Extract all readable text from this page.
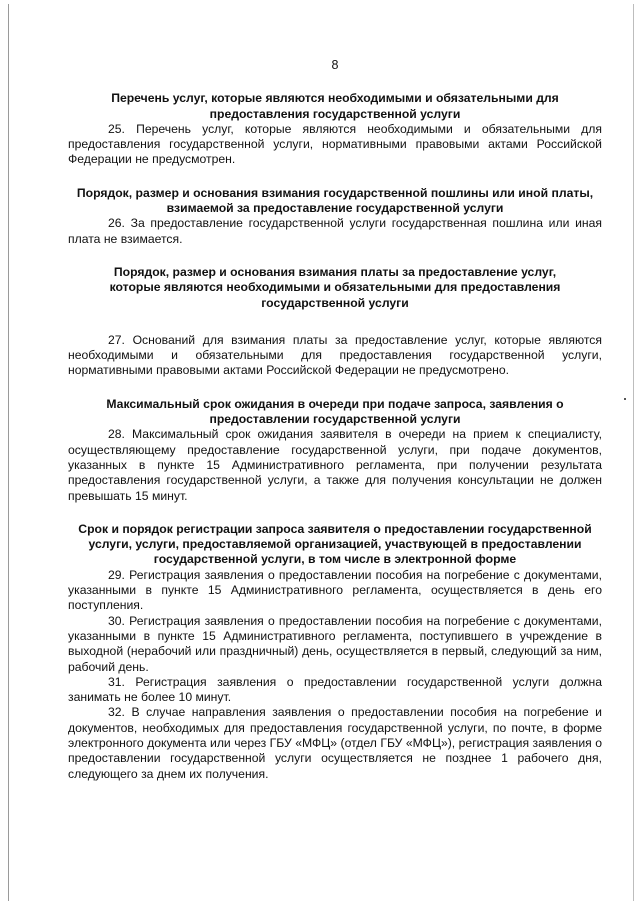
8

Перечень услуг, которые являются необходимыми и обязательными для предоставления государственной услуги

25. Перечень услуг, которые являются необходимыми и обязательными для предоставления государственной услуги, нормативными правовыми актами Российской Федерации не предусмотрен.

Порядок, размер и основания взимания государственной пошлины или иной платы, взимаемой за предоставление государственной услуги

26. За предоставление государственной услуги государственная пошлина или иная плата не взимается.

Порядок, размер и основания взимания платы за предоставление услуг, которые являются необходимыми и обязательными для предоставления государственной услуги

27. Оснований для взимания платы за предоставление услуг, которые являются необходимыми и обязательными для предоставления государственной услуги, нормативными правовыми актами Российской Федерации не предусмотрено.

Максимальный срок ожидания в очереди при подаче запроса, заявления о предоставлении государственной услуги

28. Максимальный срок ожидания заявителя в очереди на прием к специалисту, осуществляющему предоставление государственной услуги, при подаче документов, указанных в пункте 15 Административного регламента, при получении результата предоставления государственной услуги, а также для получения консультации не должен превышать 15 минут.

Срок и порядок регистрации запроса заявителя о предоставлении государственной услуги, услуги, предоставляемой организацией, участвующей в предоставлении государственной услуги, в том числе в электронной форме

29. Регистрация заявления о предоставлении пособия на погребение с документами, указанными в пункте 15 Административного регламента, осуществляется в день его поступления.

30. Регистрация заявления о предоставлении пособия на погребение с документами, указанными в пункте 15 Административного регламента, поступившего в учреждение в выходной (нерабочий или праздничный) день, осуществляется в первый, следующий за ним, рабочий день.

31. Регистрация заявления о предоставлении государственной услуги должна занимать не более 10 минут.

32. В случае направления заявления о предоставлении пособия на погребение и документов, необходимых для предоставления государственной услуги, по почте, в форме электронного документа или через ГБУ «МФЦ» (отдел ГБУ «МФЦ»), регистрация заявления о предоставлении государственной услуги осуществляется не позднее 1 рабочего дня, следующего за днем их получения.
